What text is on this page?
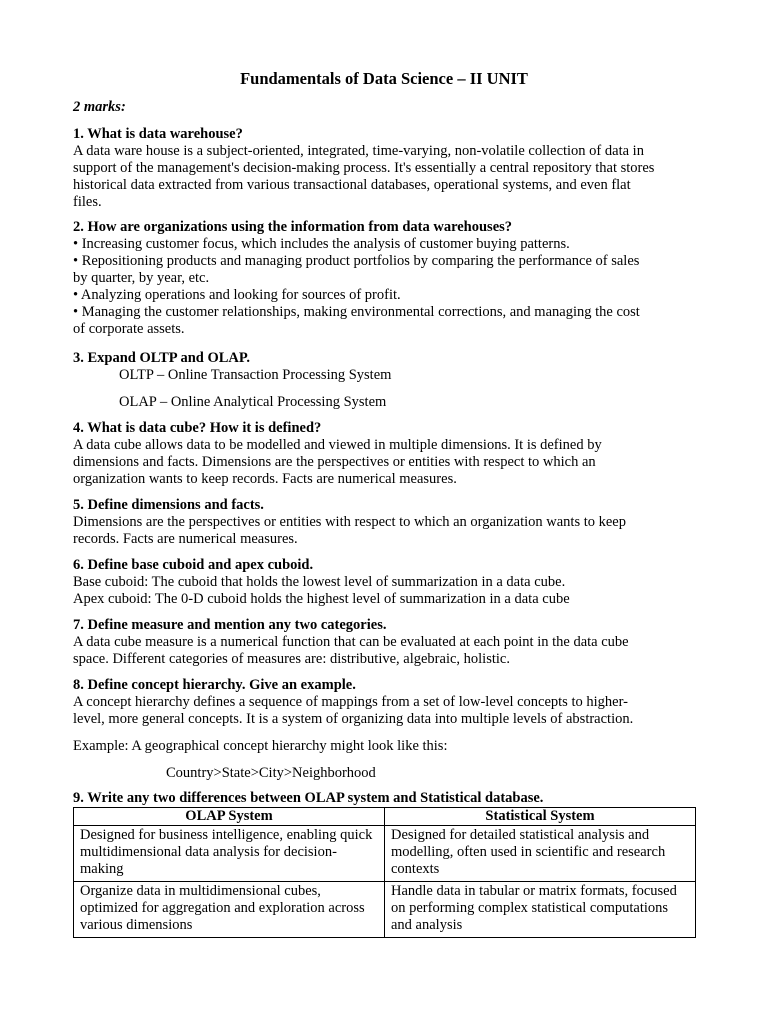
Fundamentals of Data Science – II UNIT
2 marks:
1. What is data warehouse?
A data ware house is a subject-oriented, integrated, time-varying, non-volatile collection of data in
support of the management's decision-making process. It's essentially a central repository that stores
historical data extracted from various transactional databases, operational systems, and even flat
files.
2. How are organizations using the information from data warehouses?
• Increasing customer focus, which includes the analysis of customer buying patterns.
• Repositioning products and managing product portfolios by comparing the performance of sales
by quarter, by year, etc.
• Analyzing operations and looking for sources of profit.
• Managing the customer relationships, making environmental corrections, and managing the cost
of corporate assets.
3. Expand OLTP and OLAP.
OLTP – Online Transaction Processing System
OLAP – Online Analytical Processing System
4. What is data cube? How it is defined?
A data cube allows data to be modelled and viewed in multiple dimensions. It is defined by
dimensions and facts. Dimensions are the perspectives or entities with respect to which an
organization wants to keep records. Facts are numerical measures.
5. Define dimensions and facts.
Dimensions are the perspectives or entities with respect to which an organization wants to keep
records. Facts are numerical measures.
6. Define base cuboid and apex cuboid.
Base cuboid: The cuboid that holds the lowest level of summarization in a data cube.
Apex cuboid: The 0-D cuboid holds the highest level of summarization in a data cube
7. Define measure and mention any two categories.
A data cube measure is a numerical function that can be evaluated at each point in the data cube
space. Different categories of measures are: distributive, algebraic, holistic.
8. Define concept hierarchy. Give an example.
A concept hierarchy defines a sequence of mappings from a set of low-level concepts to higher-
level, more general concepts. It is a system of organizing data into multiple levels of abstraction.
Example: A geographical concept hierarchy might look like this:
Country>State>City>Neighborhood
9. Write any two differences between OLAP system and Statistical database.
OLAP System	Statistical System
Designed for business intelligence, enabling quick multidimensional data analysis for decision-making	Designed for detailed statistical analysis and modelling, often used in scientific and research contexts
Organize data in multidimensional cubes, optimized for aggregation and exploration across various dimensions	Handle data in tabular or matrix formats, focused on performing complex statistical computations and analysis
